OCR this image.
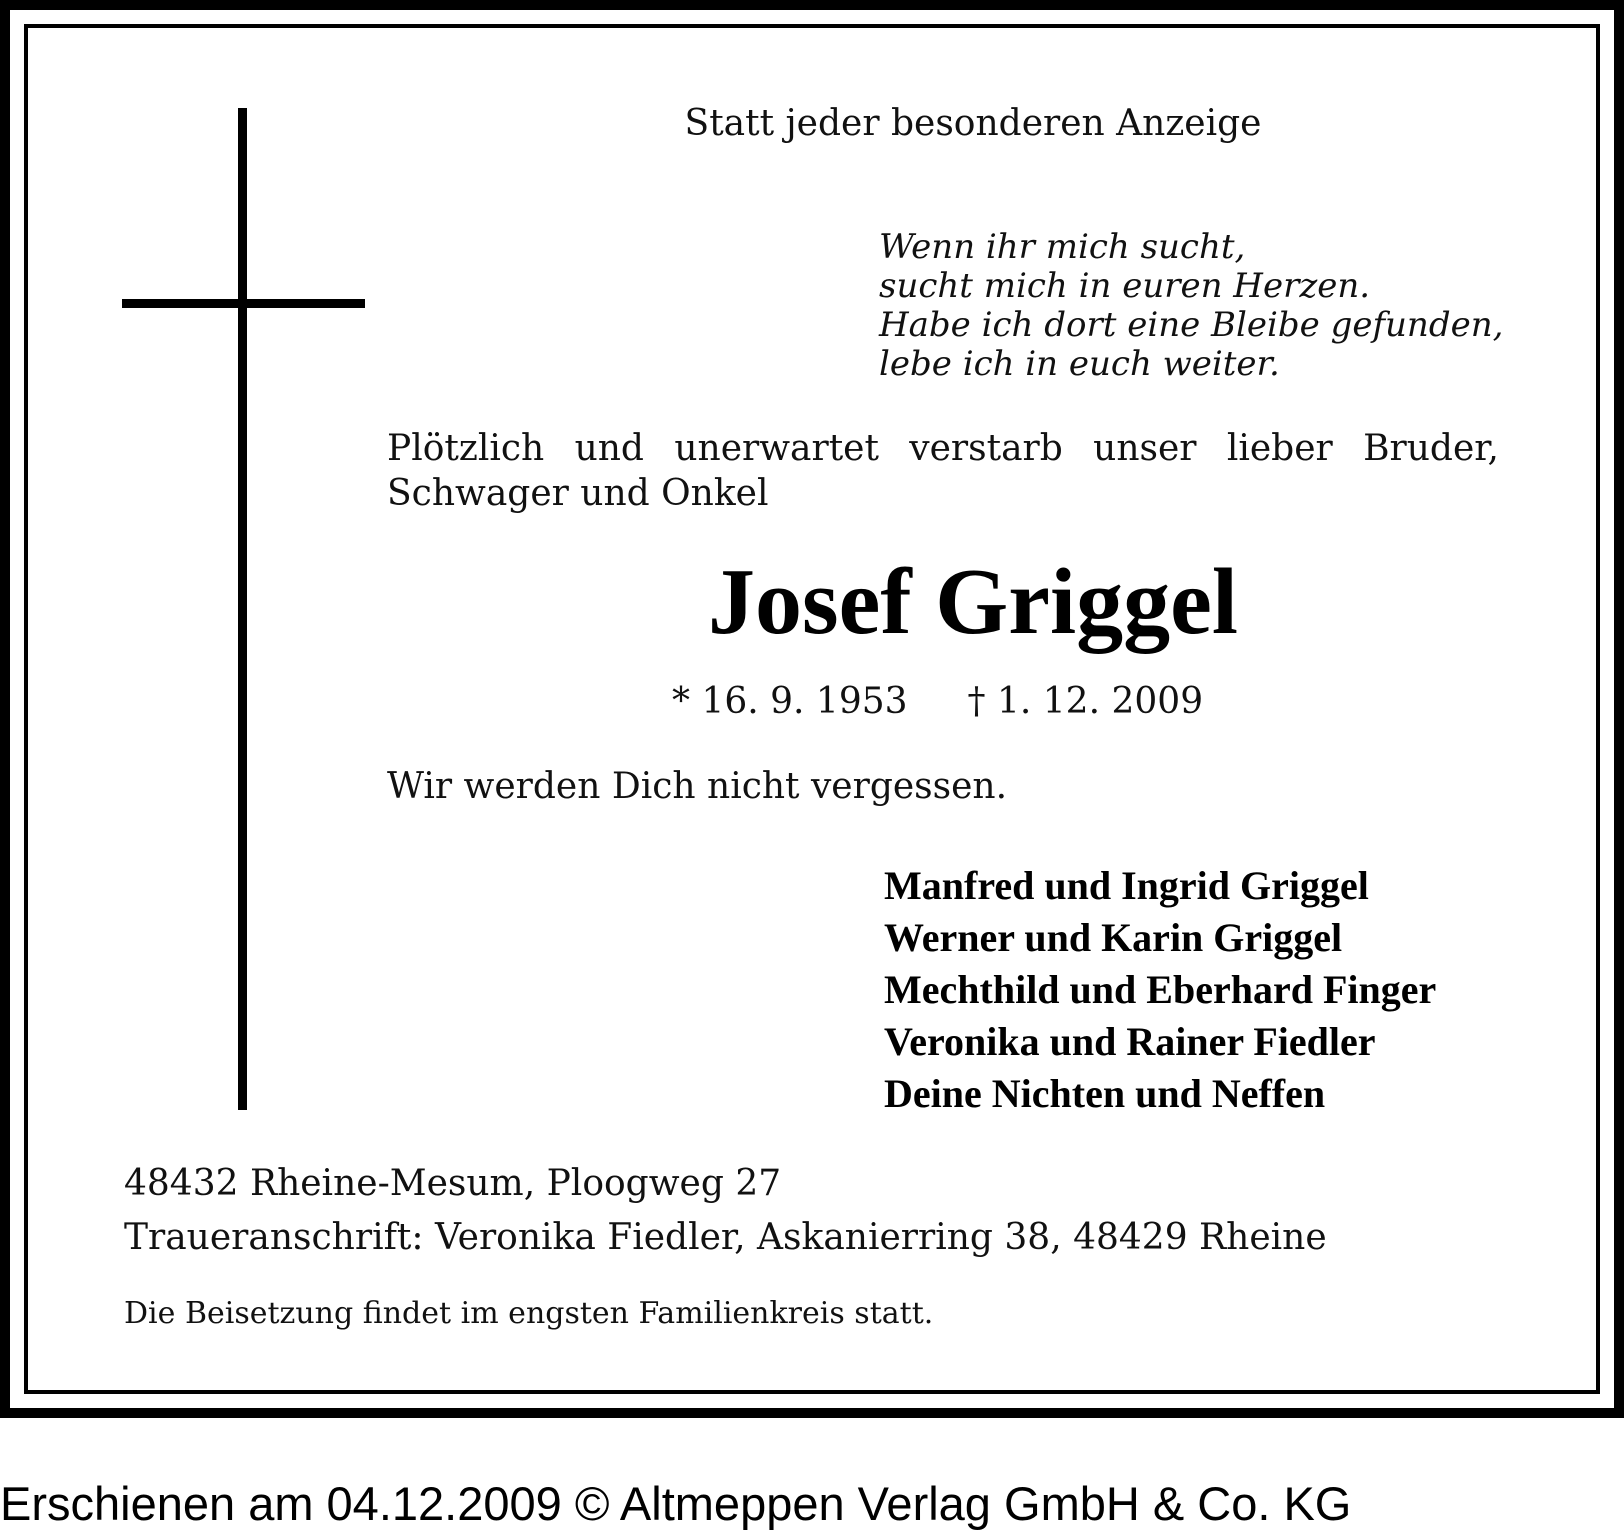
Statt jeder besonderen Anzeige
Wenn ihr mich sucht,
sucht mich in euren Herzen.
Habe ich dort eine Bleibe gefunden,
lebe ich in euch weiter.
Plötzlich und unerwartet verstarb unser lieber Bruder,
Schwager und Onkel
Josef Griggel
* 16. 9. 1953 † 1. 12. 2009
Wir werden Dich nicht vergessen.
Manfred und Ingrid Griggel
Werner und Karin Griggel
Mechthild und Eberhard Finger
Veronika und Rainer Fiedler
Deine Nichten und Neffen
48432 Rheine-Mesum, Ploogweg 27
Traueranschrift: Veronika Fiedler, Askanierring 38, 48429 Rheine
Die Beisetzung findet im engsten Familienkreis statt.
Erschienen am 04.12.2009 © Altmeppen Verlag GmbH & Co. KG
